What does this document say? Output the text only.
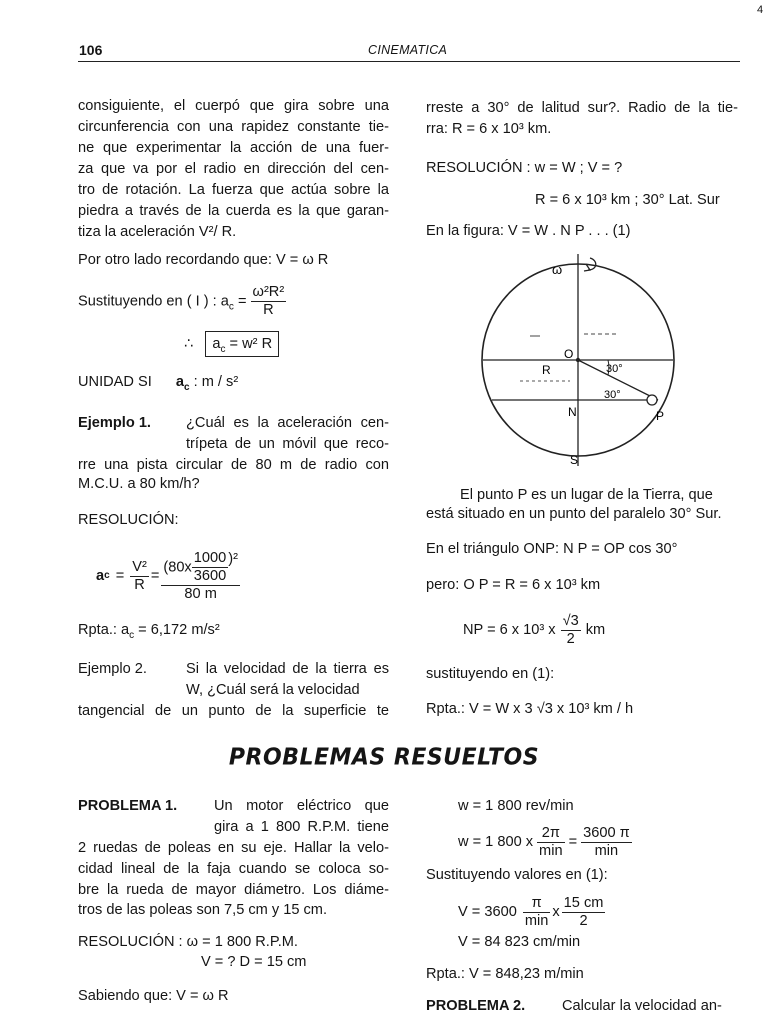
106	CINEMATICA
4
consiguiente, el cuerpó que gira sobre una
circunferencia con una rapidez constante tie-
ne que experimentar la acción de una fuer-
za que va por el radio en dirección del cen-
tro de rotación. La fuerza que actúa sobre la
piedra a través de la cuerda es la que garan-
tiza la aceleración V²/ R.
Por otro lado recordando que: V = ω R
Sustituyendo en ( I ) : $a_c = \frac{\text{ω²R²}}{R}$
∴ $a_c = w^2$ R
UNIDAD SI $a_c$ : m / s²
Ejemplo 1. ¿Cuál es la aceleración cen-
trípeta de un móvil que reco-
rre una pista circular de 80 m de radio con
M.C.U. a 80 km/h?
RESOLUCIÓN:
a $c = \frac{\text{V²}}{R} = \frac{(80x \frac{1000}{3600} )^2}{80 m}$
Rpta.: $a_c = 6,172$ m/s²
Ejemplo 2.	Si la velocidad de la tierra es
W, ¿Cuál será la velocidad
tangencial de un punto de la superficie te
rreste a 30° de lalitud sur?. Radio de la tie-
rra: R = 6 x 10³ km.
RESOLUCIÓN : w = W ; V = ?
R = 6 x 10³ km ; 30° Lat. Sur
En la figura: V = W . N P . . . (1)
ω
O
R	30°
30°
N	P
S
El punto P es un lugar de la Tierra, que
está situado en un punto del paralelo 30° Sur.
En el triángulo ONP: N P = OP cos 30°
pero: O P = R = 6 x 10³ km
NP = 6 x 10³ x $\frac{√3}{2}$ km
sustituyendo en (1):
Rpta.: V = W x 3 √3 x 10³ km / h
PROBLEMAS RESUELTOS
PROBLEMA 1.	Un motor eléctrico que
gira a 1 800 R.P.M. tiene
2 ruedas de poleas en su eje. Hallar la velo-
cidad lineal de la faja cuando se coloca so-
bre la rueda de mayor diámetro. Los diáme-
tros de las poleas son 7,5 cm y 15 cm.
RESOLUCIÓN : ω = 1 800 R.P.M.
V = ? D = 15 cm
Sabiendo que: V = ω R
w = 1 800 rev/min
w = 1 800 x $\frac{2\pi}{\min} = \frac{3600 \pi}{\min}$
Sustituyendo valores en (1):
$V = 3600 \frac{\pi}{\min}$ x $\frac{15 cm}{2}$
V = 84 823 cm/min
Rpta.: V = 848,23 m/min
PROBLEMA 2.	Calcular la velocidad an-
